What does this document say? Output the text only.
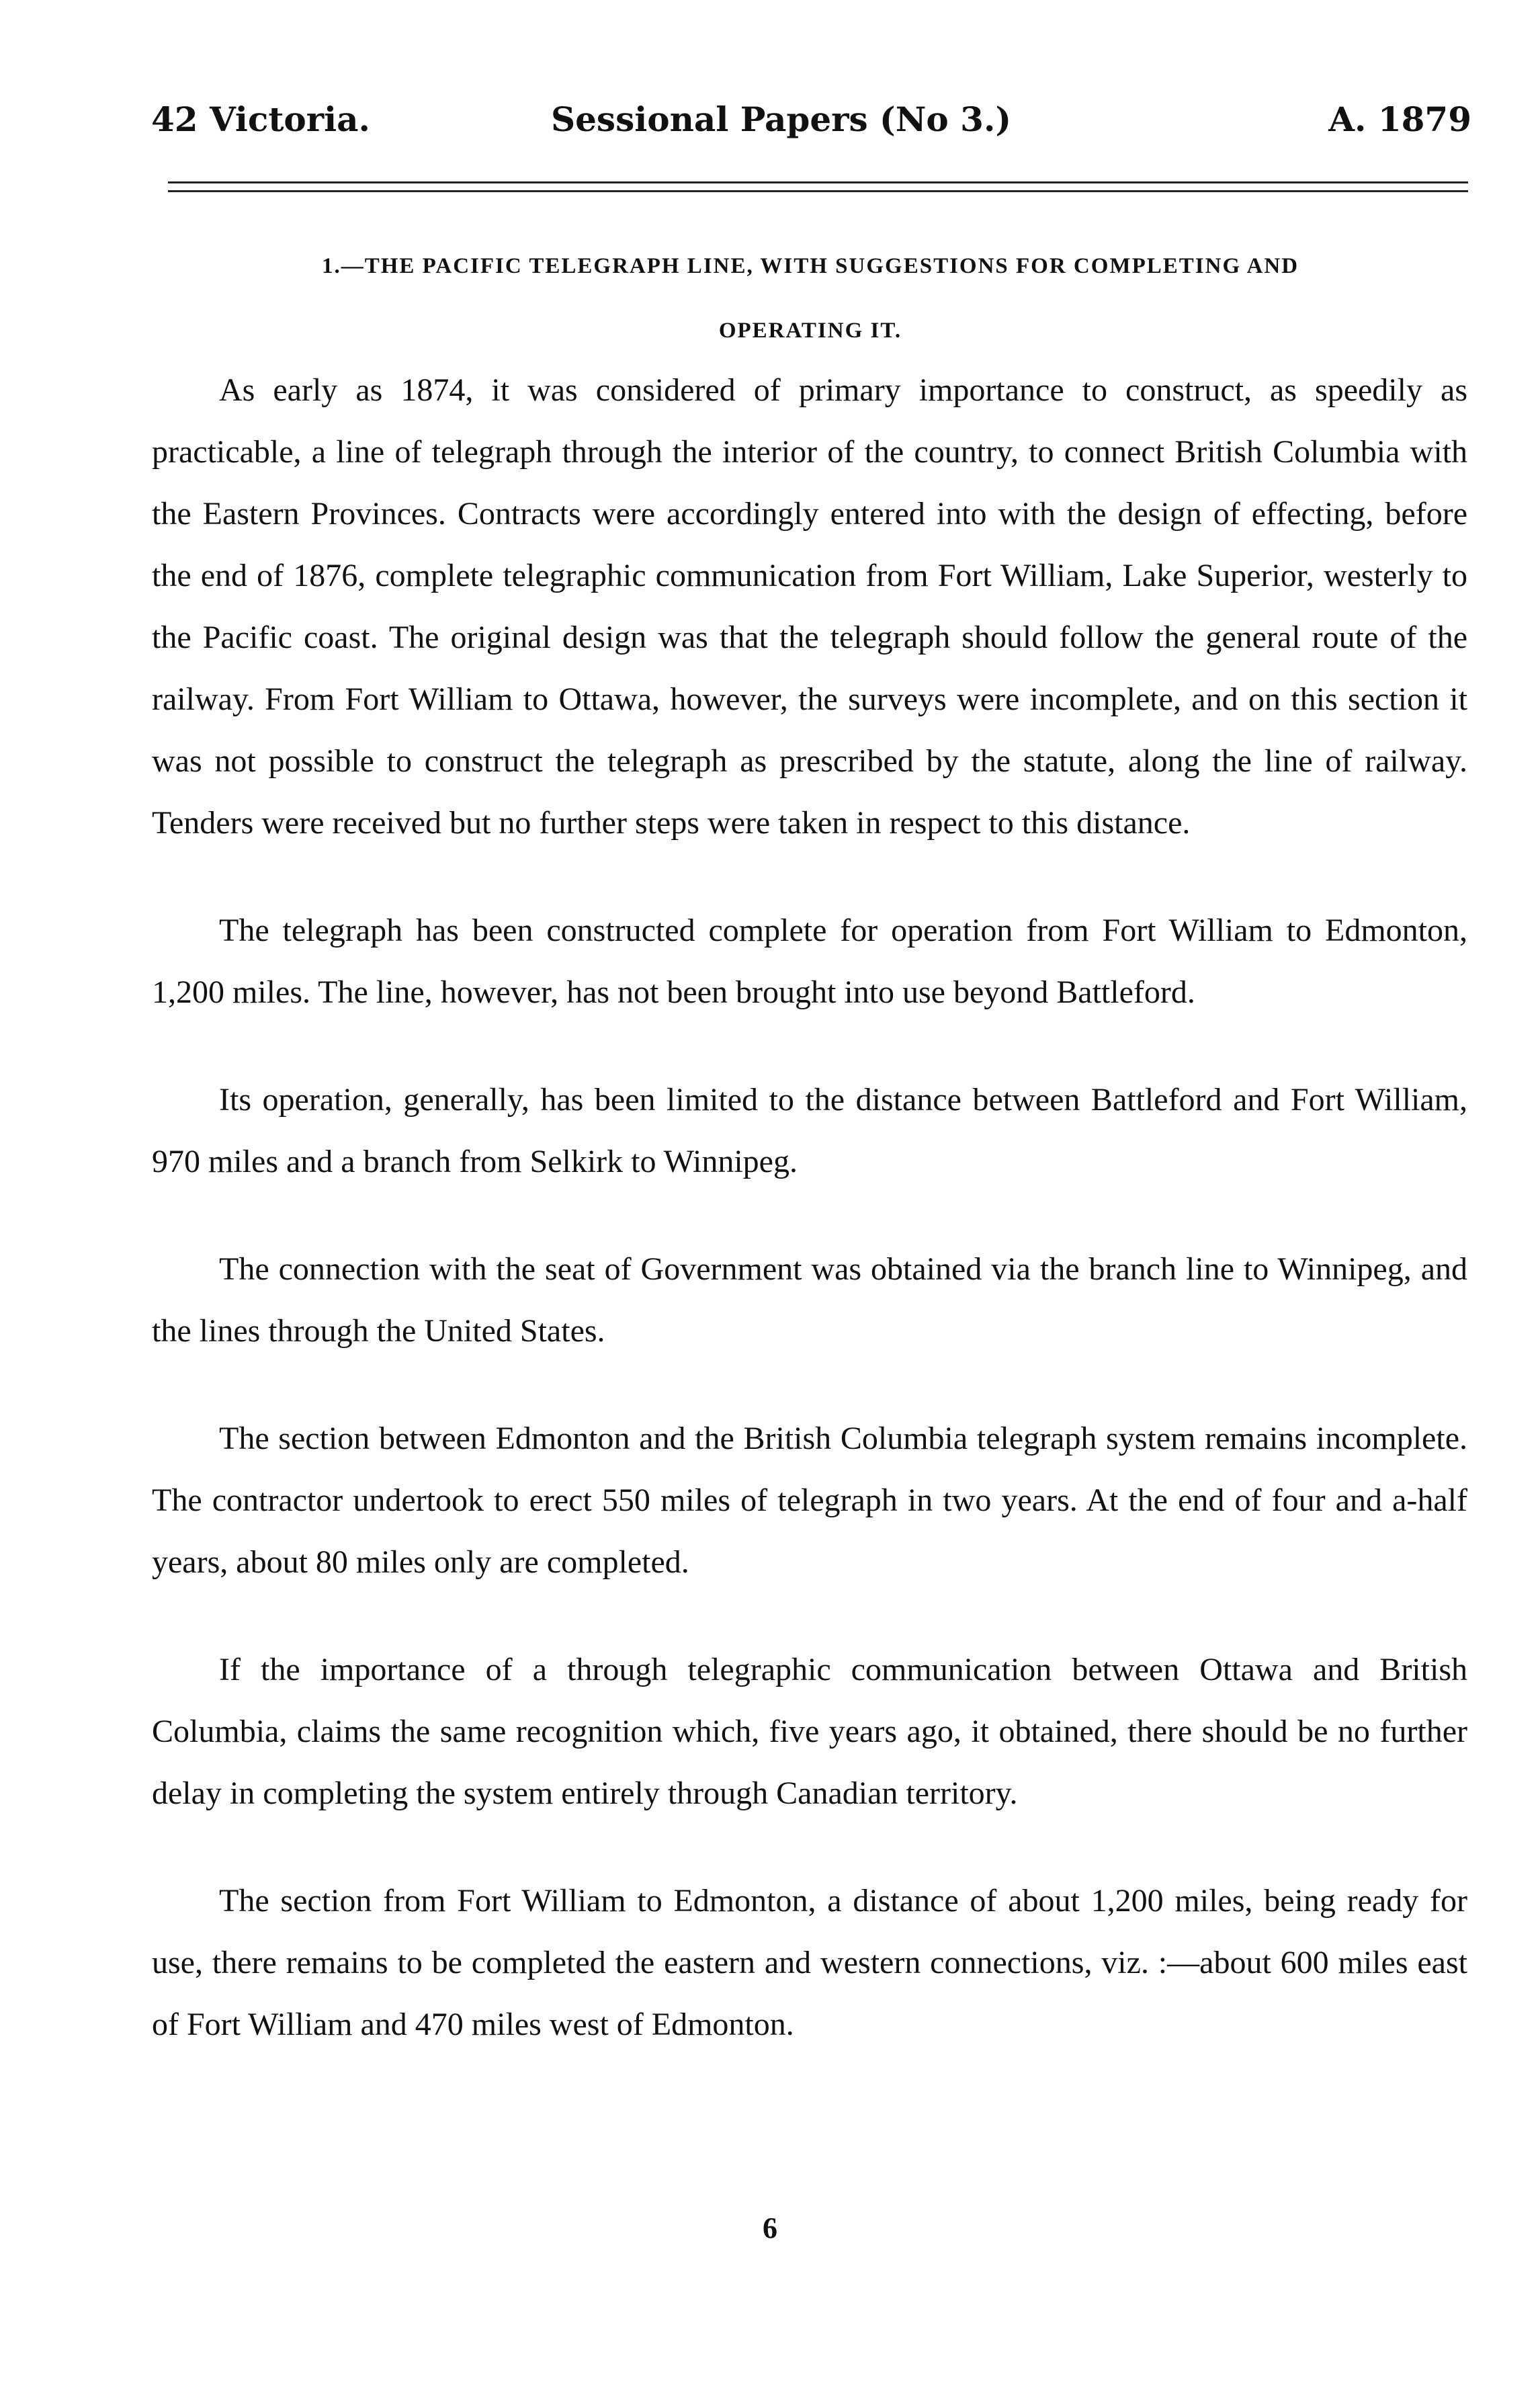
42 Victoria.	Sessional Papers (No 3.)	A. 1879
1.—THE PACIFIC TELEGRAPH LINE, WITH SUGGESTIONS FOR COMPLETING AND
OPERATING IT.

As early as 1874, it was considered of primary importance to construct, as speedily as practicable, a line of telegraph through the interior of the country, to connect British Columbia with the Eastern Provinces. Contracts were accordingly entered into with the design of effecting, before the end of 1876, complete telegraphic communication from Fort William, Lake Superior, westerly to the Pacific coast. The original design was that the telegraph should follow the general route of the railway. From Fort William to Ottawa, however, the surveys were incomplete, and on this section it was not possible to construct the telegraph as prescribed by the statute, along the line of railway. Tenders were received but no further steps were taken in respect to this distance.

The telegraph has been constructed complete for operation from Fort William to Edmonton, 1,200 miles. The line, however, has not been brought into use beyond Battleford.

Its operation, generally, has been limited to the distance between Battleford and Fort William, 970 miles and a branch from Selkirk to Winnipeg.

The connection with the seat of Government was obtained via the branch line to Winnipeg, and the lines through the United States.

The section between Edmonton and the British Columbia telegraph system remains incomplete. The contractor undertook to erect 550 miles of telegraph in two years. At the end of four and a-half years, about 80 miles only are completed.

If the importance of a through telegraphic communication between Ottawa and British Columbia, claims the same recognition which, five years ago, it obtained, there should be no further delay in completing the system entirely through Canadian territory.

The section from Fort William to Edmonton, a distance of about 1,200 miles, being ready for use, there remains to be completed the eastern and western connections, viz. :—about 600 miles east of Fort William and 470 miles west of Edmonton.

6
